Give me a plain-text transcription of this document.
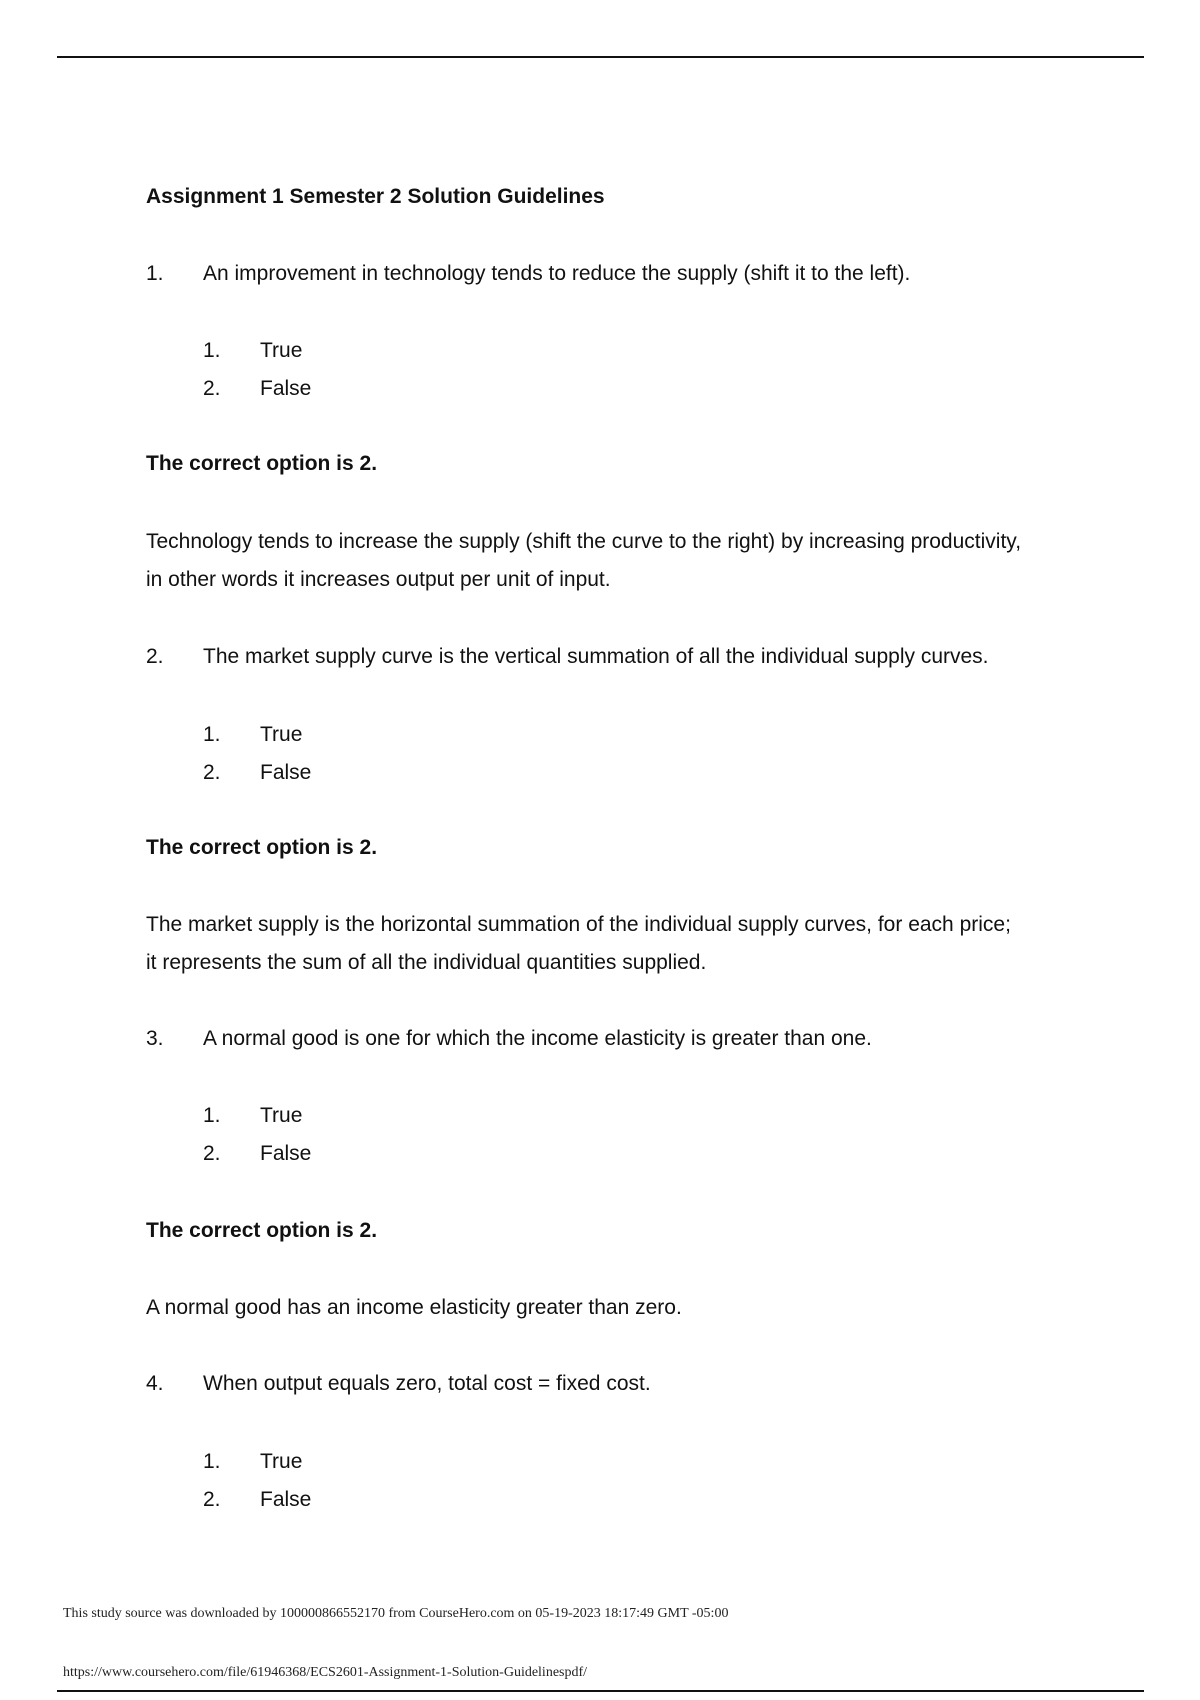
Assignment 1 Semester 2 Solution Guidelines
1. An improvement in technology tends to reduce the supply (shift it to the left).
1. True
2. False
The correct option is 2.
Technology tends to increase the supply (shift the curve to the right) by increasing productivity,
in other words it increases output per unit of input.
2. The market supply curve is the vertical summation of all the individual supply curves.
1. True
2. False
The correct option is 2.
The market supply is the horizontal summation of the individual supply curves, for each price;
it represents the sum of all the individual quantities supplied.
3. A normal good is one for which the income elasticity is greater than one.
1. True
2. False
The correct option is 2.
A normal good has an income elasticity greater than zero.
4. When output equals zero, total cost = fixed cost.
1. True
2. False
This study source was downloaded by 100000866552170 from CourseHero.com on 05-19-2023 18:17:49 GMT -05:00
https://www.coursehero.com/file/61946368/ECS2601-Assignment-1-Solution-Guidelinespdf/
